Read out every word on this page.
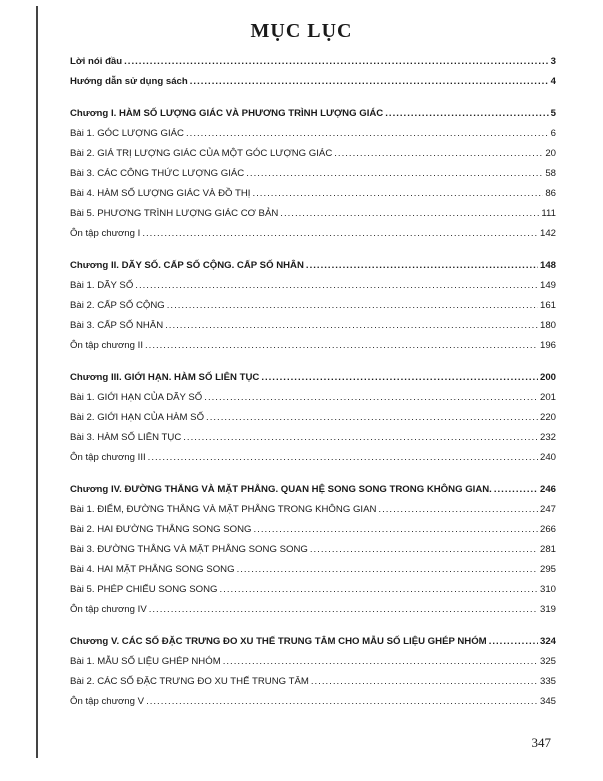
MỤC LỤC
Lời nói đầu .....	3
Hướng dẫn sử dụng sách .....	4
Chương I. HÀM SỐ LƯỢNG GIÁC VÀ PHƯƠNG TRÌNH LƯỢNG GIÁC .....	5
Bài 1. GÓC LƯỢNG GIÁC .....	6
Bài 2. GIÁ TRỊ LƯỢNG GIÁC CỦA MỘT GÓC LƯỢNG GIÁC .....	20
Bài 3. CÁC CÔNG THỨC LƯỢNG GIÁC .....	58
Bài 4. HÀM SỐ LƯỢNG GIÁC VÀ ĐỒ THỊ .....	86
Bài 5. PHƯƠNG TRÌNH LƯỢNG GIÁC CƠ BẢN .....	111
Ôn tập chương I .....	142
Chương II. DÃY SỐ. CẤP SỐ CỘNG. CẤP SỐ NHÂN .....	148
Bài 1. DÃY SỐ .....	149
Bài 2. CẤP SỐ CỘNG .....	161
Bài 3. CẤP SỐ NHÂN .....	180
Ôn tập chương II .....	196
Chương III. GIỚI HẠN. HÀM SỐ LIÊN TỤC .....	200
Bài 1. GIỚI HẠN CỦA DÃY SỐ .....	201
Bài 2. GIỚI HẠN CỦA HÀM SỐ .....	220
Bài 3. HÀM SỐ LIÊN TỤC .....	232
Ôn tập chương III .....	240
Chương IV. ĐƯỜNG THẲNG VÀ MẶT PHẲNG. QUAN HỆ SONG SONG TRONG KHÔNG GIAN. .....	246
Bài 1. ĐIỂM, ĐƯỜNG THẲNG VÀ MẶT PHẲNG TRONG KHÔNG GIAN .....	247
Bài 2. HAI ĐƯỜNG THẲNG SONG SONG .....	266
Bài 3. ĐƯỜNG THẲNG VÀ MẶT PHẲNG SONG SONG .....	281
Bài 4. HAI MẶT PHẲNG SONG SONG .....	295
Bài 5. PHÉP CHIẾU SONG SONG .....	310
Ôn tập chương IV .....	319
Chương V. CÁC SỐ ĐẶC TRƯNG ĐO XU THẾ TRUNG TÂM CHO MẪU SỐ LIỆU GHÉP NHÓM .....	324
Bài 1. MẪU SỐ LIỆU GHÉP NHÓM .....	325
Bài 2. CÁC SỐ ĐẶC TRƯNG ĐO XU THẾ TRUNG TÂM .....	335
Ôn tập chương V .....	345
347
